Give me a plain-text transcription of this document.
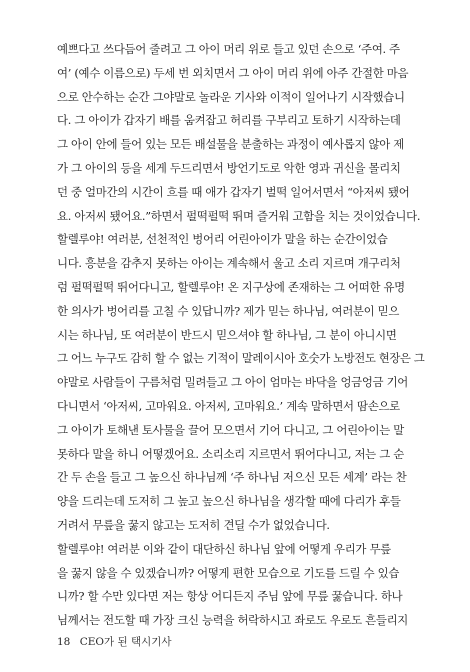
예쁘다고 쓰다듬어 줄려고 그 아이 머리 위로 들고 있던 손으로 ‘주여. 주
여’ (예수 이름으로) 두세 번 외치면서 그 아이 머리 위에 아주 간절한 마음
으로 안수하는 순간 그야말로 놀라운 기사와 이적이 일어나기 시작했습니
다. 그 아이가 갑자기 배를 움켜잡고 허리를 구부리고 토하기 시작하는데
그 아이 안에 들어 있는 모든 배설물을 분출하는 과정이 예사롭지 않아 제
가 그 아이의 등을 세게 두드리면서 방언기도로 악한 영과 귀신을 몰리치
던 중 얼마간의 시간이 흐를 때 애가 갑자기 벌떡 일어서면서 “아저씨 됐어
요. 아저씨 됐어요.”하면서 펄떡펄떡 뛰며 즐거워 고함을 치는 것이었습니다.
할렐루야! 여러분, 선천적인 벙어리 어린아이가 말을 하는 순간이었습
니다. 흥분을 감추지 못하는 아이는 계속해서 울고 소리 지르며 개구리처
럼 펄떡펄떡 뛰어다니고, 할렐루야! 온 지구상에 존재하는 그 어떠한 유명
한 의사가 벙어리를 고칠 수 있답니까? 제가 믿는 하나님, 여러분이 믿으
시는 하나님, 또 여러분이 반드시 믿으셔야 할 하나님, 그 분이 아니시면
그 어느 누구도 감히 할 수 없는 기적이 말레이시아 호숫가 노방전도 현장은 그
야말로 사람들이 구름처럼 밀려들고 그 아이 엄마는 바닥을 엉금엉금 기어
다니면서 ‘아저씨, 고마워요. 아저씨, 고마워요.’ 계속 말하면서 땀손으로
그 아이가 토해낸 토사물을 끌어 모으면서 기어 다니고, 그 어린아이는 말
못하다 말을 하니 어떻겠어요. 소리소리 지르면서 뛰어다니고, 저는 그 순
간 두 손을 들고 그 높으신 하나님께 ‘주 하나님 저으신 모든 세계’ 라는 찬
양을 드리는데 도저히 그 높고 높으신 하나님을 생각할 때에 다리가 후들
거려서 무릎을 꿇지 않고는 도저히 견딜 수가 없었습니다.
할렐루야! 여러분 이와 같이 대단하신 하나님 앞에 어떻게 우리가 무릎
을 꿇지 않을 수 있겠습니까? 어떻게 편한 모습으로 기도를 드릴 수 있습
니까? 할 수만 있다면 저는 항상 어디든지 주님 앞에 무릎 꿇습니다. 하나
님께서는 전도할 때 가장 크신 능력을 허락하시고 좌로도 우로도 흔들리지
18 CEO가 된 택시기사
